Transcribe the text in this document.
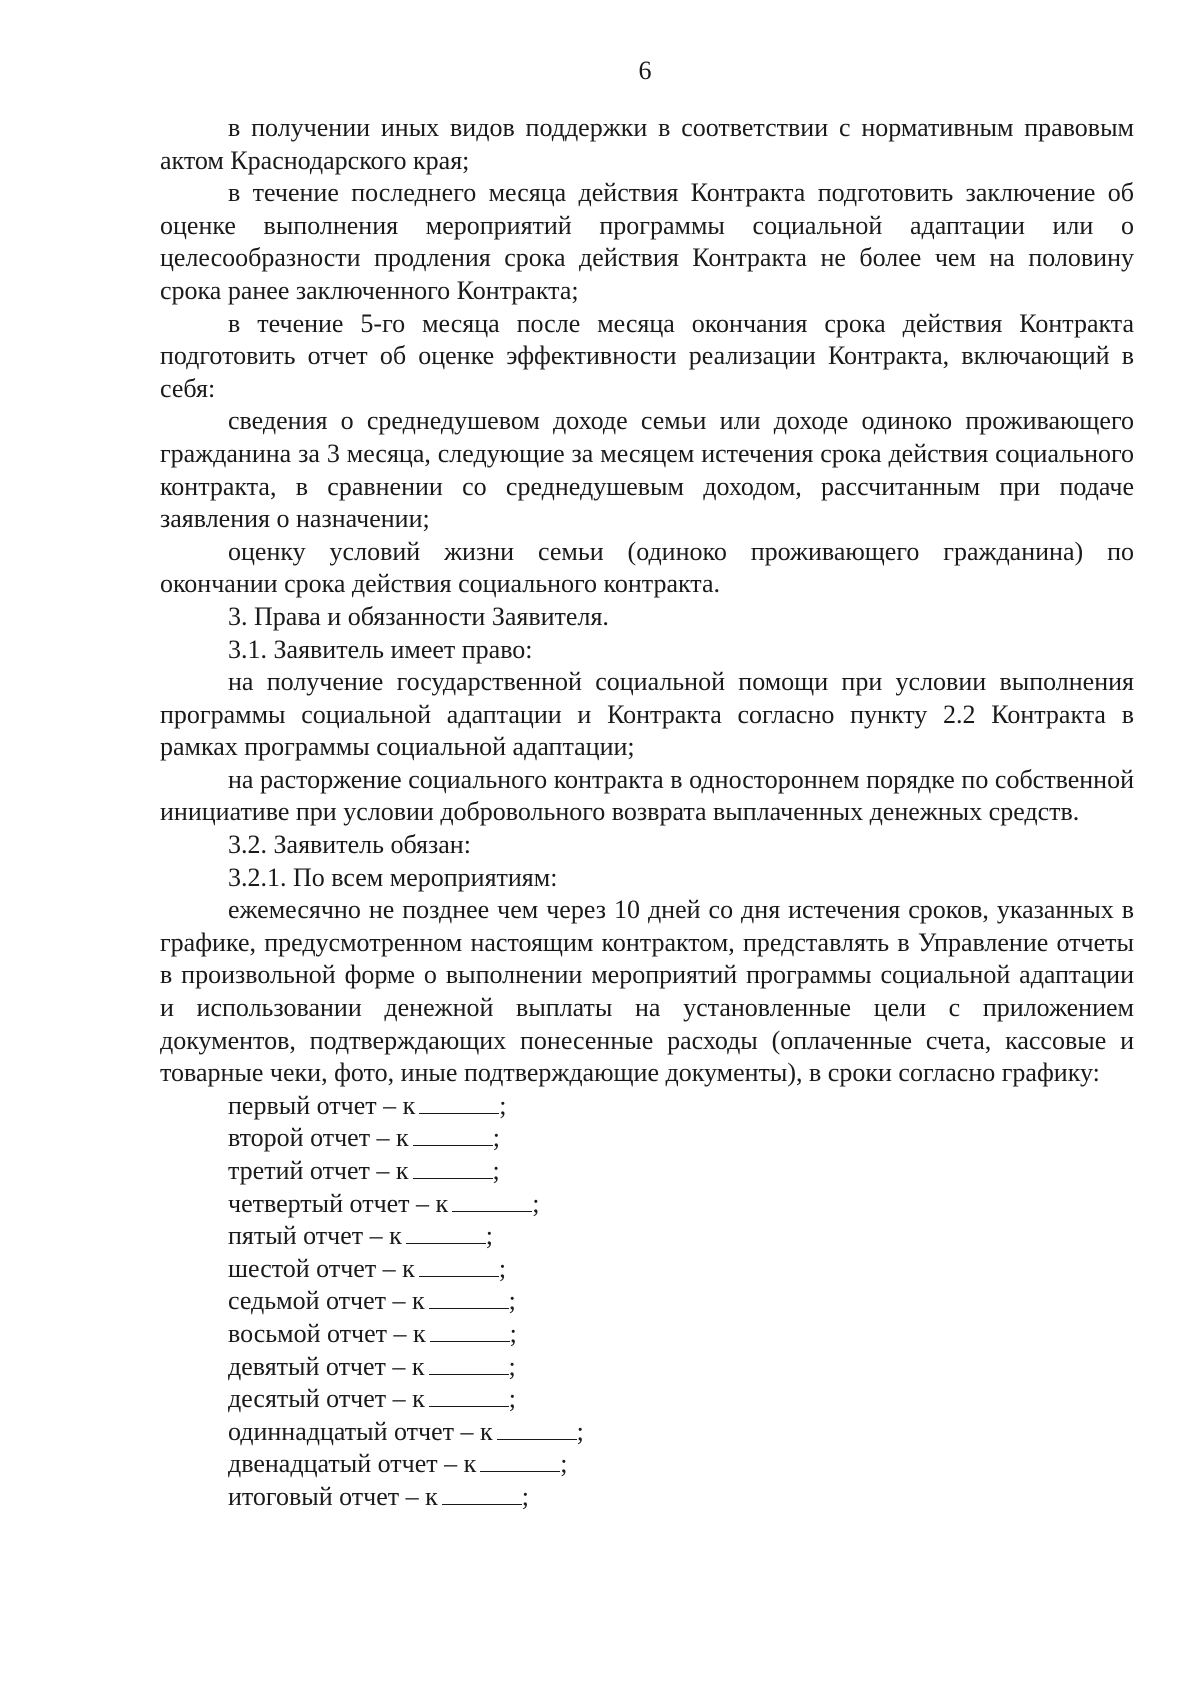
6

в получении иных видов поддержки в соответствии с нормативным правовым актом Краснодарского края;

в течение последнего месяца действия Контракта подготовить заключение об оценке выполнения мероприятий программы социальной адаптации или о целесообразности продления срока действия Контракта не более чем на половину срока ранее заключенного Контракта;

в течение 5-го месяца после месяца окончания срока действия Контракта подготовить отчет об оценке эффективности реализации Контракта, включающий в себя:

сведения о среднедушевом доходе семьи или доходе одиноко проживающего гражданина за 3 месяца, следующие за месяцем истечения срока действия социального контракта, в сравнении со среднедушевым доходом, рассчитанным при подаче заявления о назначении;

оценку условий жизни семьи (одиноко проживающего гражданина) по окончании срока действия социального контракта.

3. Права и обязанности Заявителя.

3.1. Заявитель имеет право:

на получение государственной социальной помощи при условии выполнения программы социальной адаптации и Контракта согласно пункту 2.2 Контракта в рамках программы социальной адаптации;

на расторжение социального контракта в одностороннем порядке по собственной инициативе при условии добровольного возврата выплаченных денежных средств.

3.2. Заявитель обязан:

3.2.1. По всем мероприятиям:

ежемесячно не позднее чем через 10 дней со дня истечения сроков, указанных в графике, предусмотренном настоящим контрактом, представлять в Управление отчеты в произвольной форме о выполнении мероприятий программы социальной адаптации и использовании денежной выплаты на установленные цели с приложением документов, подтверждающих понесенные расходы (оплаченные счета, кассовые и товарные чеки, фото, иные подтверждающие документы), в сроки согласно графику:

первый отчет – к	;
второй отчет – к	;
третий отчет – к	;
четвертый отчет – к	;
пятый отчет – к	;
шестой отчет – к	;
седьмой отчет – к	;
восьмой отчет – к	;
девятый отчет – к	;
десятый отчет – к	;
одиннадцатый отчет – к	;
двенадцатый отчет – к	;
итоговый отчет – к	;
